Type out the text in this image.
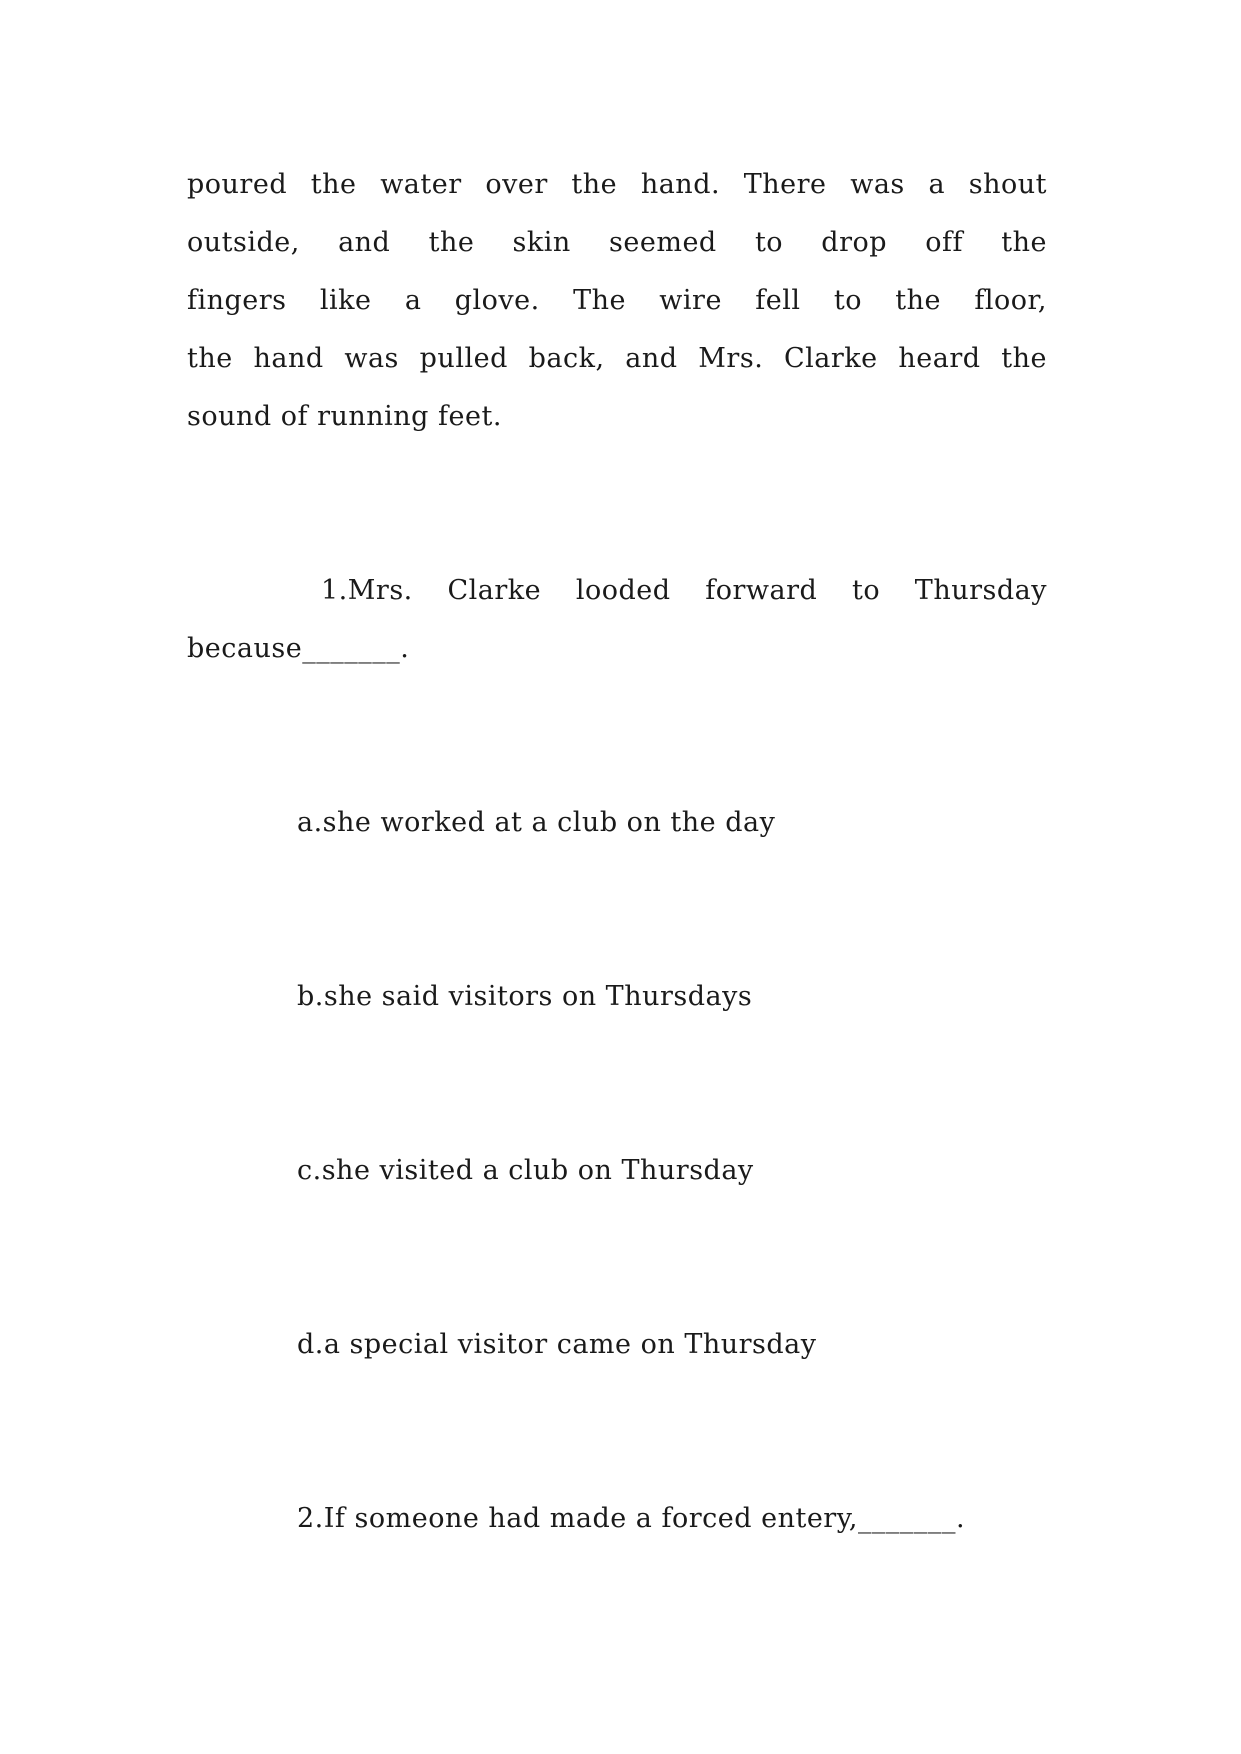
poured the water over the hand. There was a shout
outside, and the skin seemed to drop off the
fingers like a glove. The wire fell to the floor,
the hand was pulled back, and Mrs. Clarke heard the
sound of running feet.
1.Mrs. Clarke looded forward to Thursday
because_______.
a.she worked at a club on the day
b.she said visitors on Thursdays
c.she visited a club on Thursday
d.a special visitor came on Thursday
2.If someone had made a forced entery,_______.
